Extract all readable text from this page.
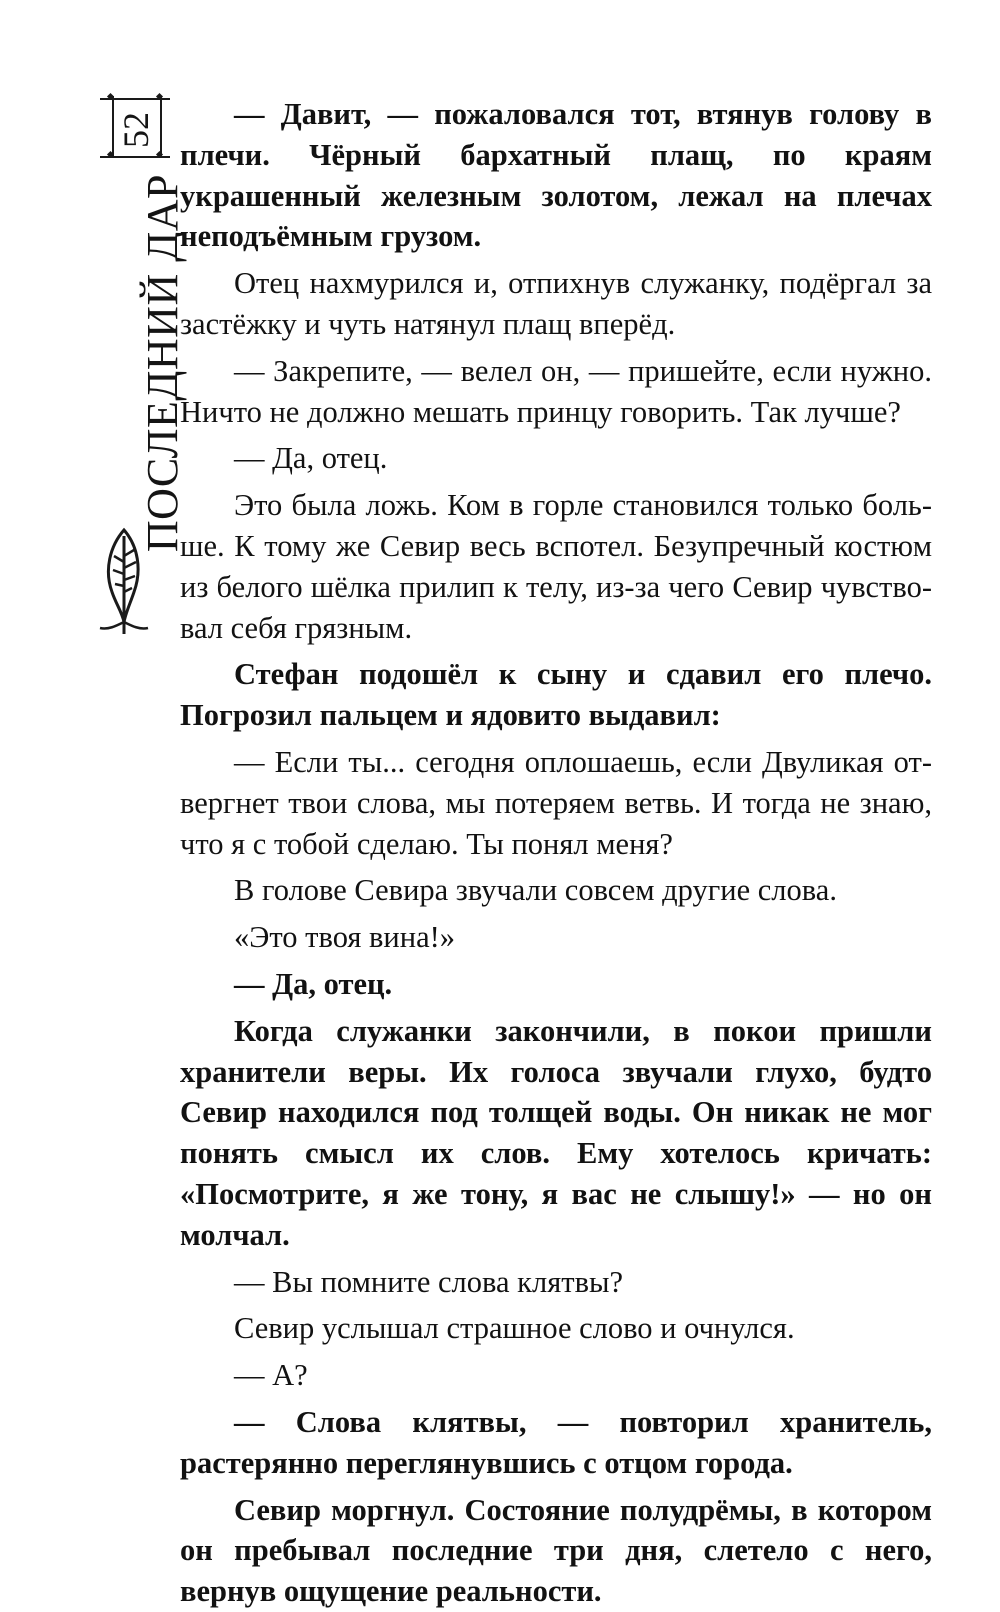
52
ПОСЛЕДНИЙ ДАР

— Давит, — пожаловался тот, втянув голову в плечи. Чёрный бархатный плащ, по краям украшенный железным золотом, лежал на плечах неподъёмным грузом.

Отец нахмурился и, отпихнув служанку, подёргал за застёжку и чуть натянул плащ вперёд.

— Закрепите, — велел он, — пришейте, если нужно. Ничто не должно мешать принцу говорить. Так лучше?

— Да, отец.

Это была ложь. Ком в горле становился только больше. К тому же Севир весь вспотел. Безупречный костюм из белого шёлка прилип к телу, из-за чего Севир чувствовал себя грязным.

Стефан подошёл к сыну и сдавил его плечо. Погрозил пальцем и ядовито выдавил:

— Если ты... сегодня оплошаешь, если Двуликая отвергнет твои слова, мы потеряем ветвь. И тогда не знаю, что я с тобой сделаю. Ты понял меня?

В голове Севира звучали совсем другие слова.

«Это твоя вина!»

— Да, отец.

Когда служанки закончили, в покои пришли хранители веры. Их голоса звучали глухо, будто Севир находился под толщей воды. Он никак не мог понять смысл их слов. Ему хотелось кричать: «Посмотрите, я же тону, я вас не слышу!» — но он молчал.

— Вы помните слова клятвы?

Севир услышал страшное слово и очнулся.

— А?

— Слова клятвы, — повторил хранитель, растерянно переглянувшись с отцом города.

Севир моргнул. Состояние полудрёмы, в котором он пребывал последние три дня, слетело с него, вернув ощущение реальности.
